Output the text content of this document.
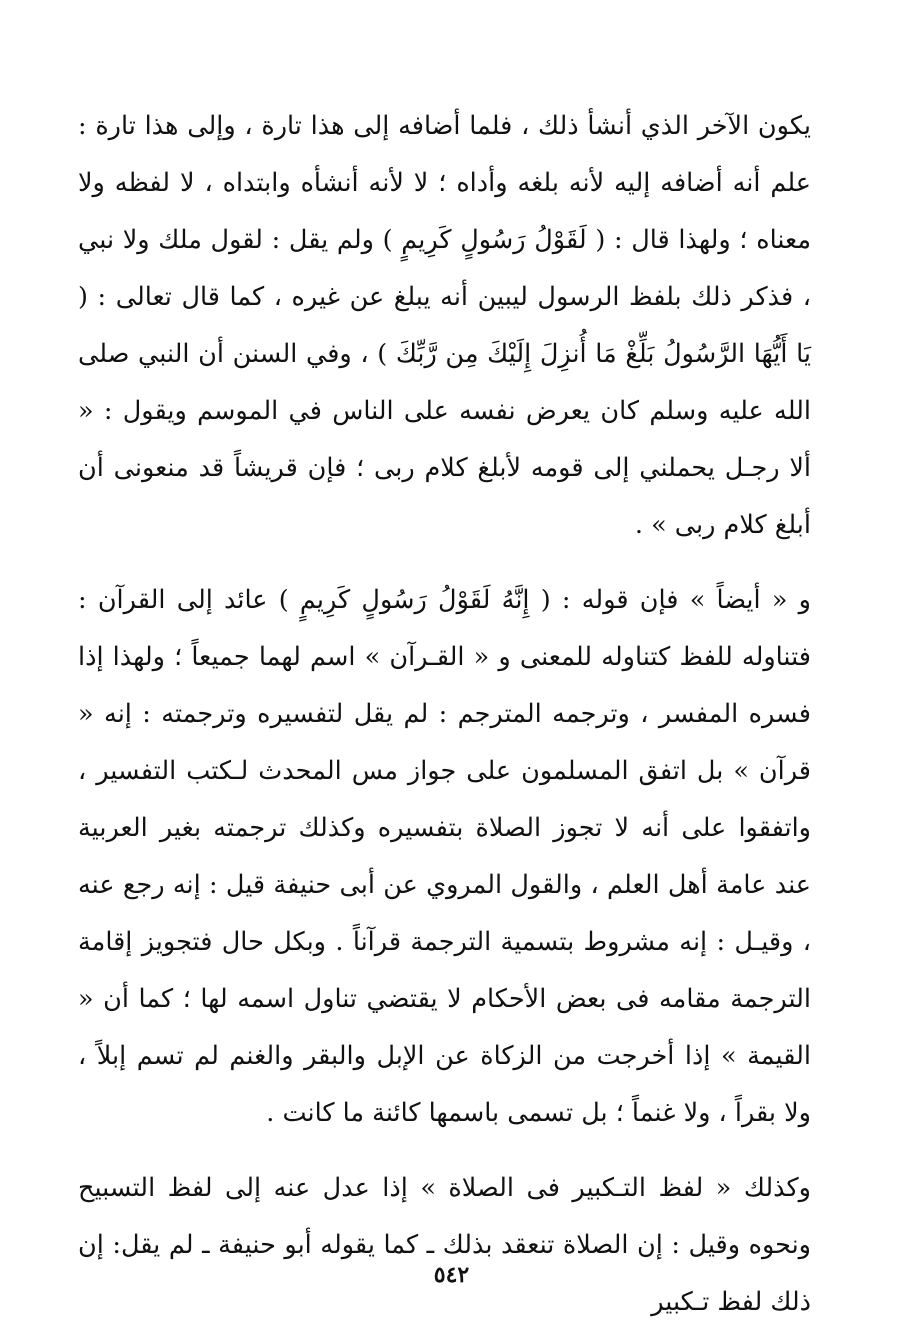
يكون الآخر الذي أنشأ ذلك ، فلما أضافه إلى هذا تارة ، وإلى هذا تارة : علم أنه أضافه إليه لأنه بلغه وأداه ؛ لا لأنه أنشأه وابتداه ، لا لفظه ولا معناه ؛ ولهذا قال : ( لَقَوْلُ رَسُولٍ كَرِيمٍ ) ولم يقل : لقول ملك ولا نبي ، فذكر ذلك بلفظ الرسول ليبين أنه يبلغ عن غيره ، كما قال تعالى : ( يَا أَيُّهَا الرَّسُولُ بَلِّغْ مَا أُنزِلَ إِلَيْكَ مِن رَّبِّكَ ) ، وفي السنن أن النبي صلى الله عليه وسلم كان يعرض نفسه على الناس في الموسم ويقول : « ألا رجـل يحملني إلى قومه لأبلغ كلام ربى ؛ فإن قريشاً قد منعونى أن أبلغ كلام ربى » .

و « أيضاً » فإن قوله : ( إِنَّهُ لَقَوْلُ رَسُولٍ كَرِيمٍ ) عائد إلى القرآن : فتناوله للفظ كتناوله للمعنى و « القـرآن » اسم لهما جميعاً ؛ ولهذا إذا فسره المفسر ، وترجمه المترجم : لم يقل لتفسيره وترجمته : إنه « قرآن » بل اتفق المسلمون على جواز مس المحدث لـكتب التفسير ، واتفقوا على أنه لا تجوز الصلاة بتفسيره وكذلك ترجمته بغير العربية عند عامة أهل العلم ، والقول المروي عن أبى حنيفة قيل : إنه رجع عنه ، وقيـل : إنه مشروط بتسمية الترجمة قرآناً . وبكل حال فتجويز إقامة الترجمة مقامه فى بعض الأحكام لا يقتضي تناول اسمه لها ؛ كما أن « القيمة » إذا أخرجت من الزكاة عن الإبل والبقر والغنم لم تسم إبلاً ، ولا بقراً ، ولا غنماً ؛ بل تسمى باسمها كائنة ما كانت .

وكذلك « لفظ التـكبير فى الصلاة » إذا عدل عنه إلى لفظ التسبيح ونحوه وقيل : إن الصلاة تنعقد بذلك ـ كما يقوله أبو حنيفة ـ لم يقل: إن ذلك لفظ تـكبير

٥٤٢
